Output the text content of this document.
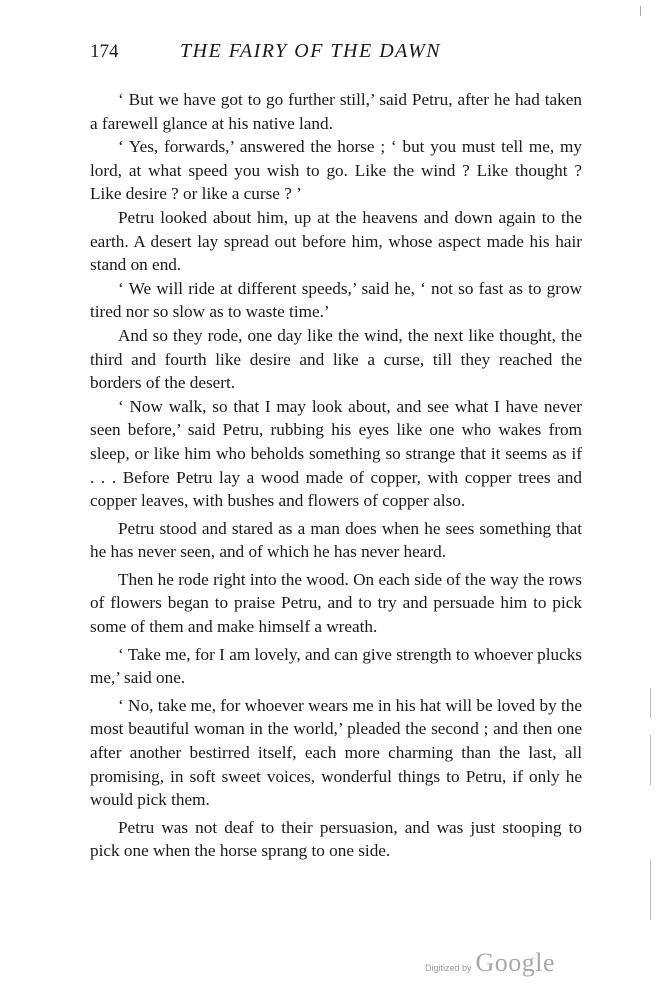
174	THE FAIRY OF THE DAWN

‘ But we have got to go further still,’ said Petru, after he had taken a farewell glance at his native land.

‘ Yes, forwards,’ answered the horse ; ‘ but you must tell me, my lord, at what speed you wish to go. Like the wind ? Like thought ? Like desire ? or like a curse ? ’

Petru looked about him, up at the heavens and down again to the earth. A desert lay spread out before him, whose aspect made his hair stand on end.

‘ We will ride at different speeds,’ said he, ‘ not so fast as to grow tired nor so slow as to waste time.’

And so they rode, one day like the wind, the next like thought, the third and fourth like desire and like a curse, till they reached the borders of the desert.

‘ Now walk, so that I may look about, and see what I have never seen before,’ said Petru, rubbing his eyes like one who wakes from sleep, or like him who beholds something so strange that it seems as if . . . Before Petru lay a wood made of copper, with copper trees and copper leaves, with bushes and flowers of copper also.

Petru stood and stared as a man does when he sees something that he has never seen, and of which he has never heard.

Then he rode right into the wood. On each side of the way the rows of flowers began to praise Petru, and to try and persuade him to pick some of them and make himself a wreath.

‘ Take me, for I am lovely, and can give strength to whoever plucks me,’ said one.

‘ No, take me, for whoever wears me in his hat will be loved by the most beautiful woman in the world,’ pleaded the second ; and then one after another bestirred itself, each more charming than the last, all promising, in soft sweet voices, wonderful things to Petru, if only he would pick them.

Petru was not deaf to their persuasion, and was just stooping to pick one when the horse sprang to one side.

Digitized by Google
